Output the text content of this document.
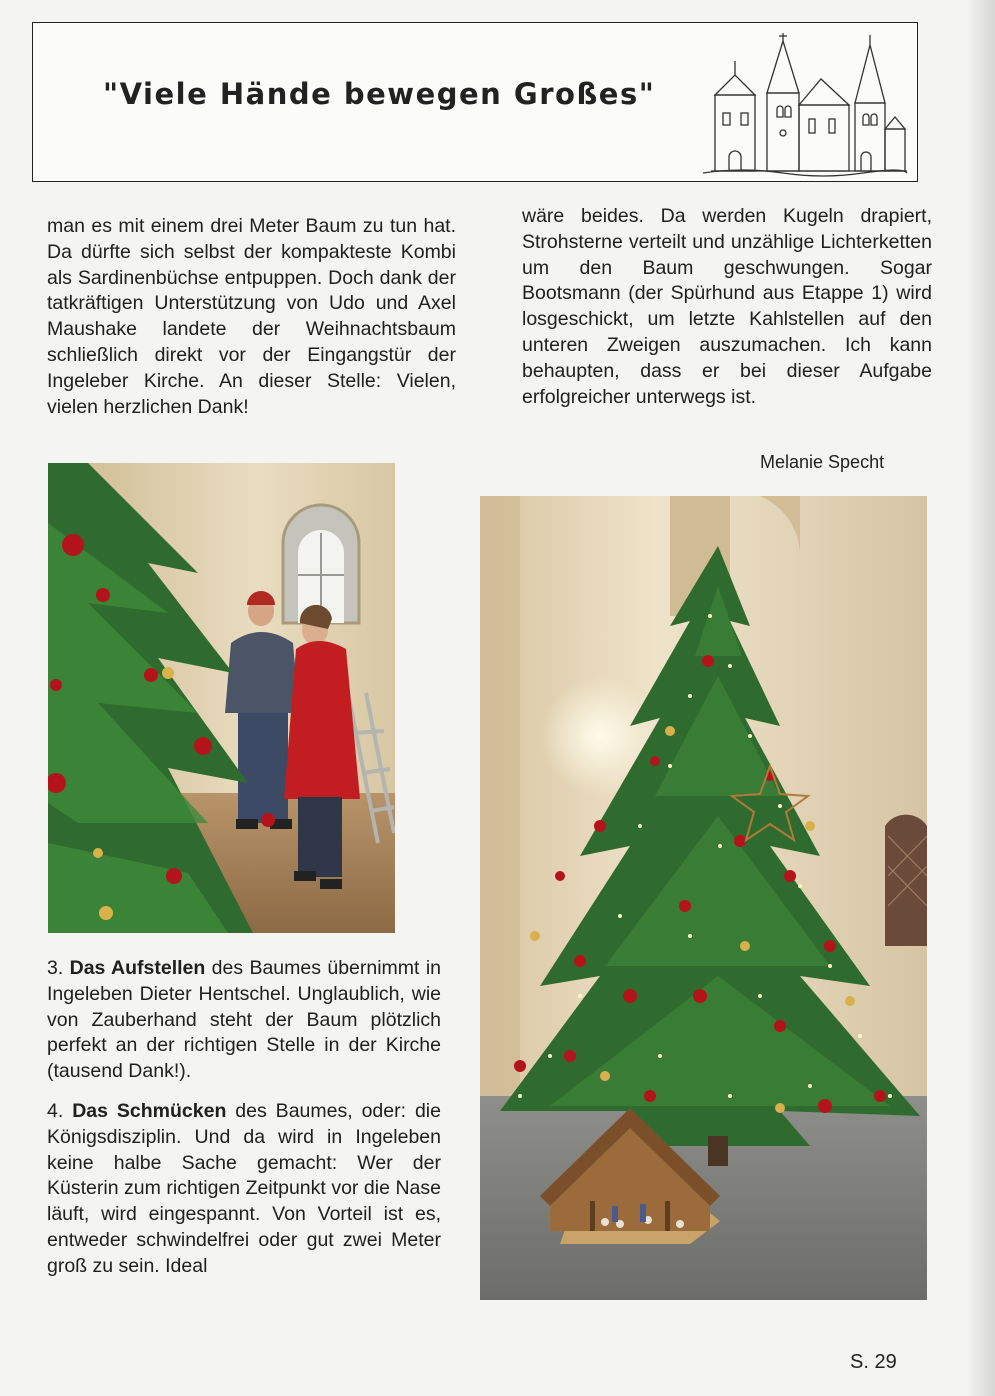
"Viele Hände bewegen Großes"

man es mit einem drei Meter Baum zu tun hat. Da dürfte sich selbst der kompakteste Kombi als Sardinenbüchse entpuppen. Doch dank der tatkräftigen Unterstützung von Udo und Axel Maushake landete der Weihnachtsbaum schließlich direkt vor der Eingangstür der Ingeleber Kirche. An dieser Stelle: Vielen, vielen herzlichen Dank!

wäre beides. Da werden Kugeln drapiert, Strohsterne verteilt und unzählige Lichterketten um den Baum geschwungen. Sogar Bootsmann (der Spürhund aus Etappe 1) wird losgeschickt, um letzte Kahlstellen auf den unteren Zweigen auszumachen. Ich kann behaupten, dass er bei dieser Aufgabe erfolgreicher unterwegs ist.

Melanie Specht

3. Das Aufstellen des Baumes übernimmt in Ingeleben Dieter Hentschel. Unglaublich, wie von Zauberhand steht der Baum plötzlich perfekt an der richtigen Stelle in der Kirche (tausend Dank!).

4. Das Schmücken des Baumes, oder: die Königsdisziplin. Und da wird in Ingeleben keine halbe Sache gemacht: Wer der Küsterin zum richtigen Zeitpunkt vor die Nase läuft, wird eingespannt. Von Vorteil ist es, entweder schwindelfrei oder gut zwei Meter groß zu sein. Ideal

S. 29
